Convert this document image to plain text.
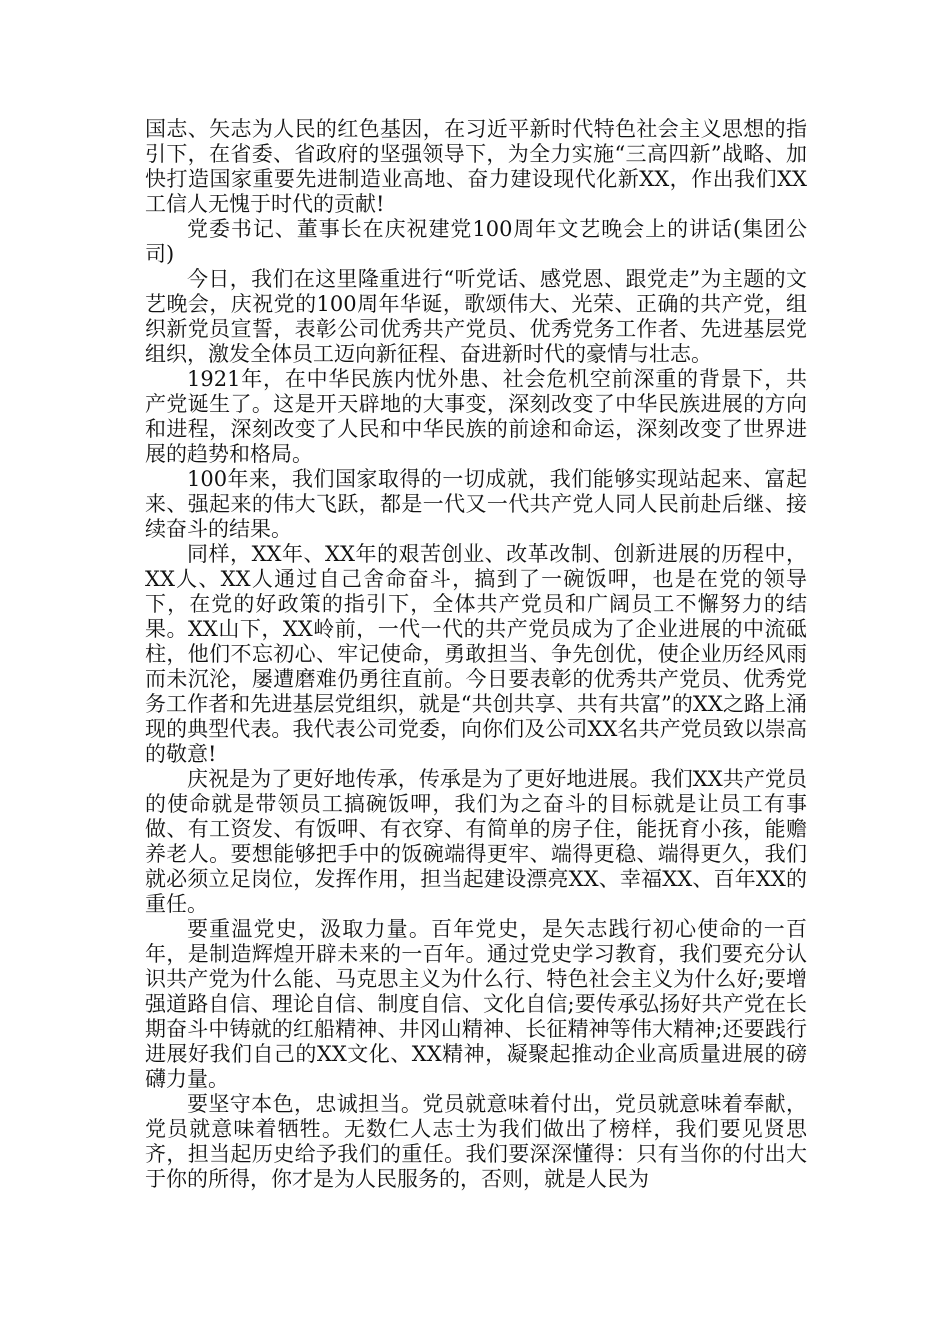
国志、矢志为人民的红色基因，在习近平新时代特色社会主义思想的指引下，在省委、省政府的坚强领导下，为全力实施“三高四新”战略、加快打造国家重要先进制造业高地、奋力建设现代化新XX，作出我们XX工信人无愧于时代的贡献!

党委书记、董事长在庆祝建党100周年文艺晚会上的讲话(集团公司)

今日，我们在这里隆重进行“听党话、感党恩、跟党走”为主题的文艺晚会，庆祝党的100周年华诞，歌颂伟大、光荣、正确的共产党，组织新党员宣誓，表彰公司优秀共产党员、优秀党务工作者、先进基层党组织，激发全体员工迈向新征程、奋进新时代的豪情与壮志。

1921年，在中华民族内忧外患、社会危机空前深重的背景下，共产党诞生了。这是开天辟地的大事变，深刻改变了中华民族进展的方向和进程，深刻改变了人民和中华民族的前途和命运，深刻改变了世界进展的趋势和格局。

100年来，我们国家取得的一切成就，我们能够实现站起来、富起来、强起来的伟大飞跃，都是一代又一代共产党人同人民前赴后继、接续奋斗的结果。

同样，XX年、XX年的艰苦创业、改革改制、创新进展的历程中，XX人、XX人通过自己舍命奋斗，搞到了一碗饭呷，也是在党的领导下，在党的好政策的指引下，全体共产党员和广阔员工不懈努力的结果。XX山下，XX岭前，一代一代的共产党员成为了企业进展的中流砥柱，他们不忘初心、牢记使命，勇敢担当、争先创优，使企业历经风雨而未沉沦，屡遭磨难仍勇往直前。今日要表彰的优秀共产党员、优秀党务工作者和先进基层党组织，就是“共创共享、共有共富”的XX之路上涌现的典型代表。我代表公司党委，向你们及公司XX名共产党员致以崇高的敬意!

庆祝是为了更好地传承，传承是为了更好地进展。我们XX共产党员的使命就是带领员工搞碗饭呷，我们为之奋斗的目标就是让员工有事做、有工资发、有饭呷、有衣穿、有简单的房子住，能抚育小孩，能赡养老人。要想能够把手中的饭碗端得更牢、端得更稳、端得更久，我们就必须立足岗位，发挥作用，担当起建设漂亮XX、幸福XX、百年XX的重任。

要重温党史，汲取力量。百年党史，是矢志践行初心使命的一百年，是制造辉煌开辟未来的一百年。通过党史学习教育，我们要充分认识共产党为什么能、马克思主义为什么行、特色社会主义为什么好;要增强道路自信、理论自信、制度自信、文化自信;要传承弘扬好共产党在长期奋斗中铸就的红船精神、井冈山精神、长征精神等伟大精神;还要践行进展好我们自己的XX文化、XX精神，凝聚起推动企业高质量进展的磅礴力量。

要坚守本色，忠诚担当。党员就意味着付出，党员就意味着奉献，党员就意味着牺牲。无数仁人志士为我们做出了榜样，我们要见贤思齐，担当起历史给予我们的重任。我们要深深懂得：只有当你的付出大于你的所得，你才是为人民服务的，否则，就是人民为
